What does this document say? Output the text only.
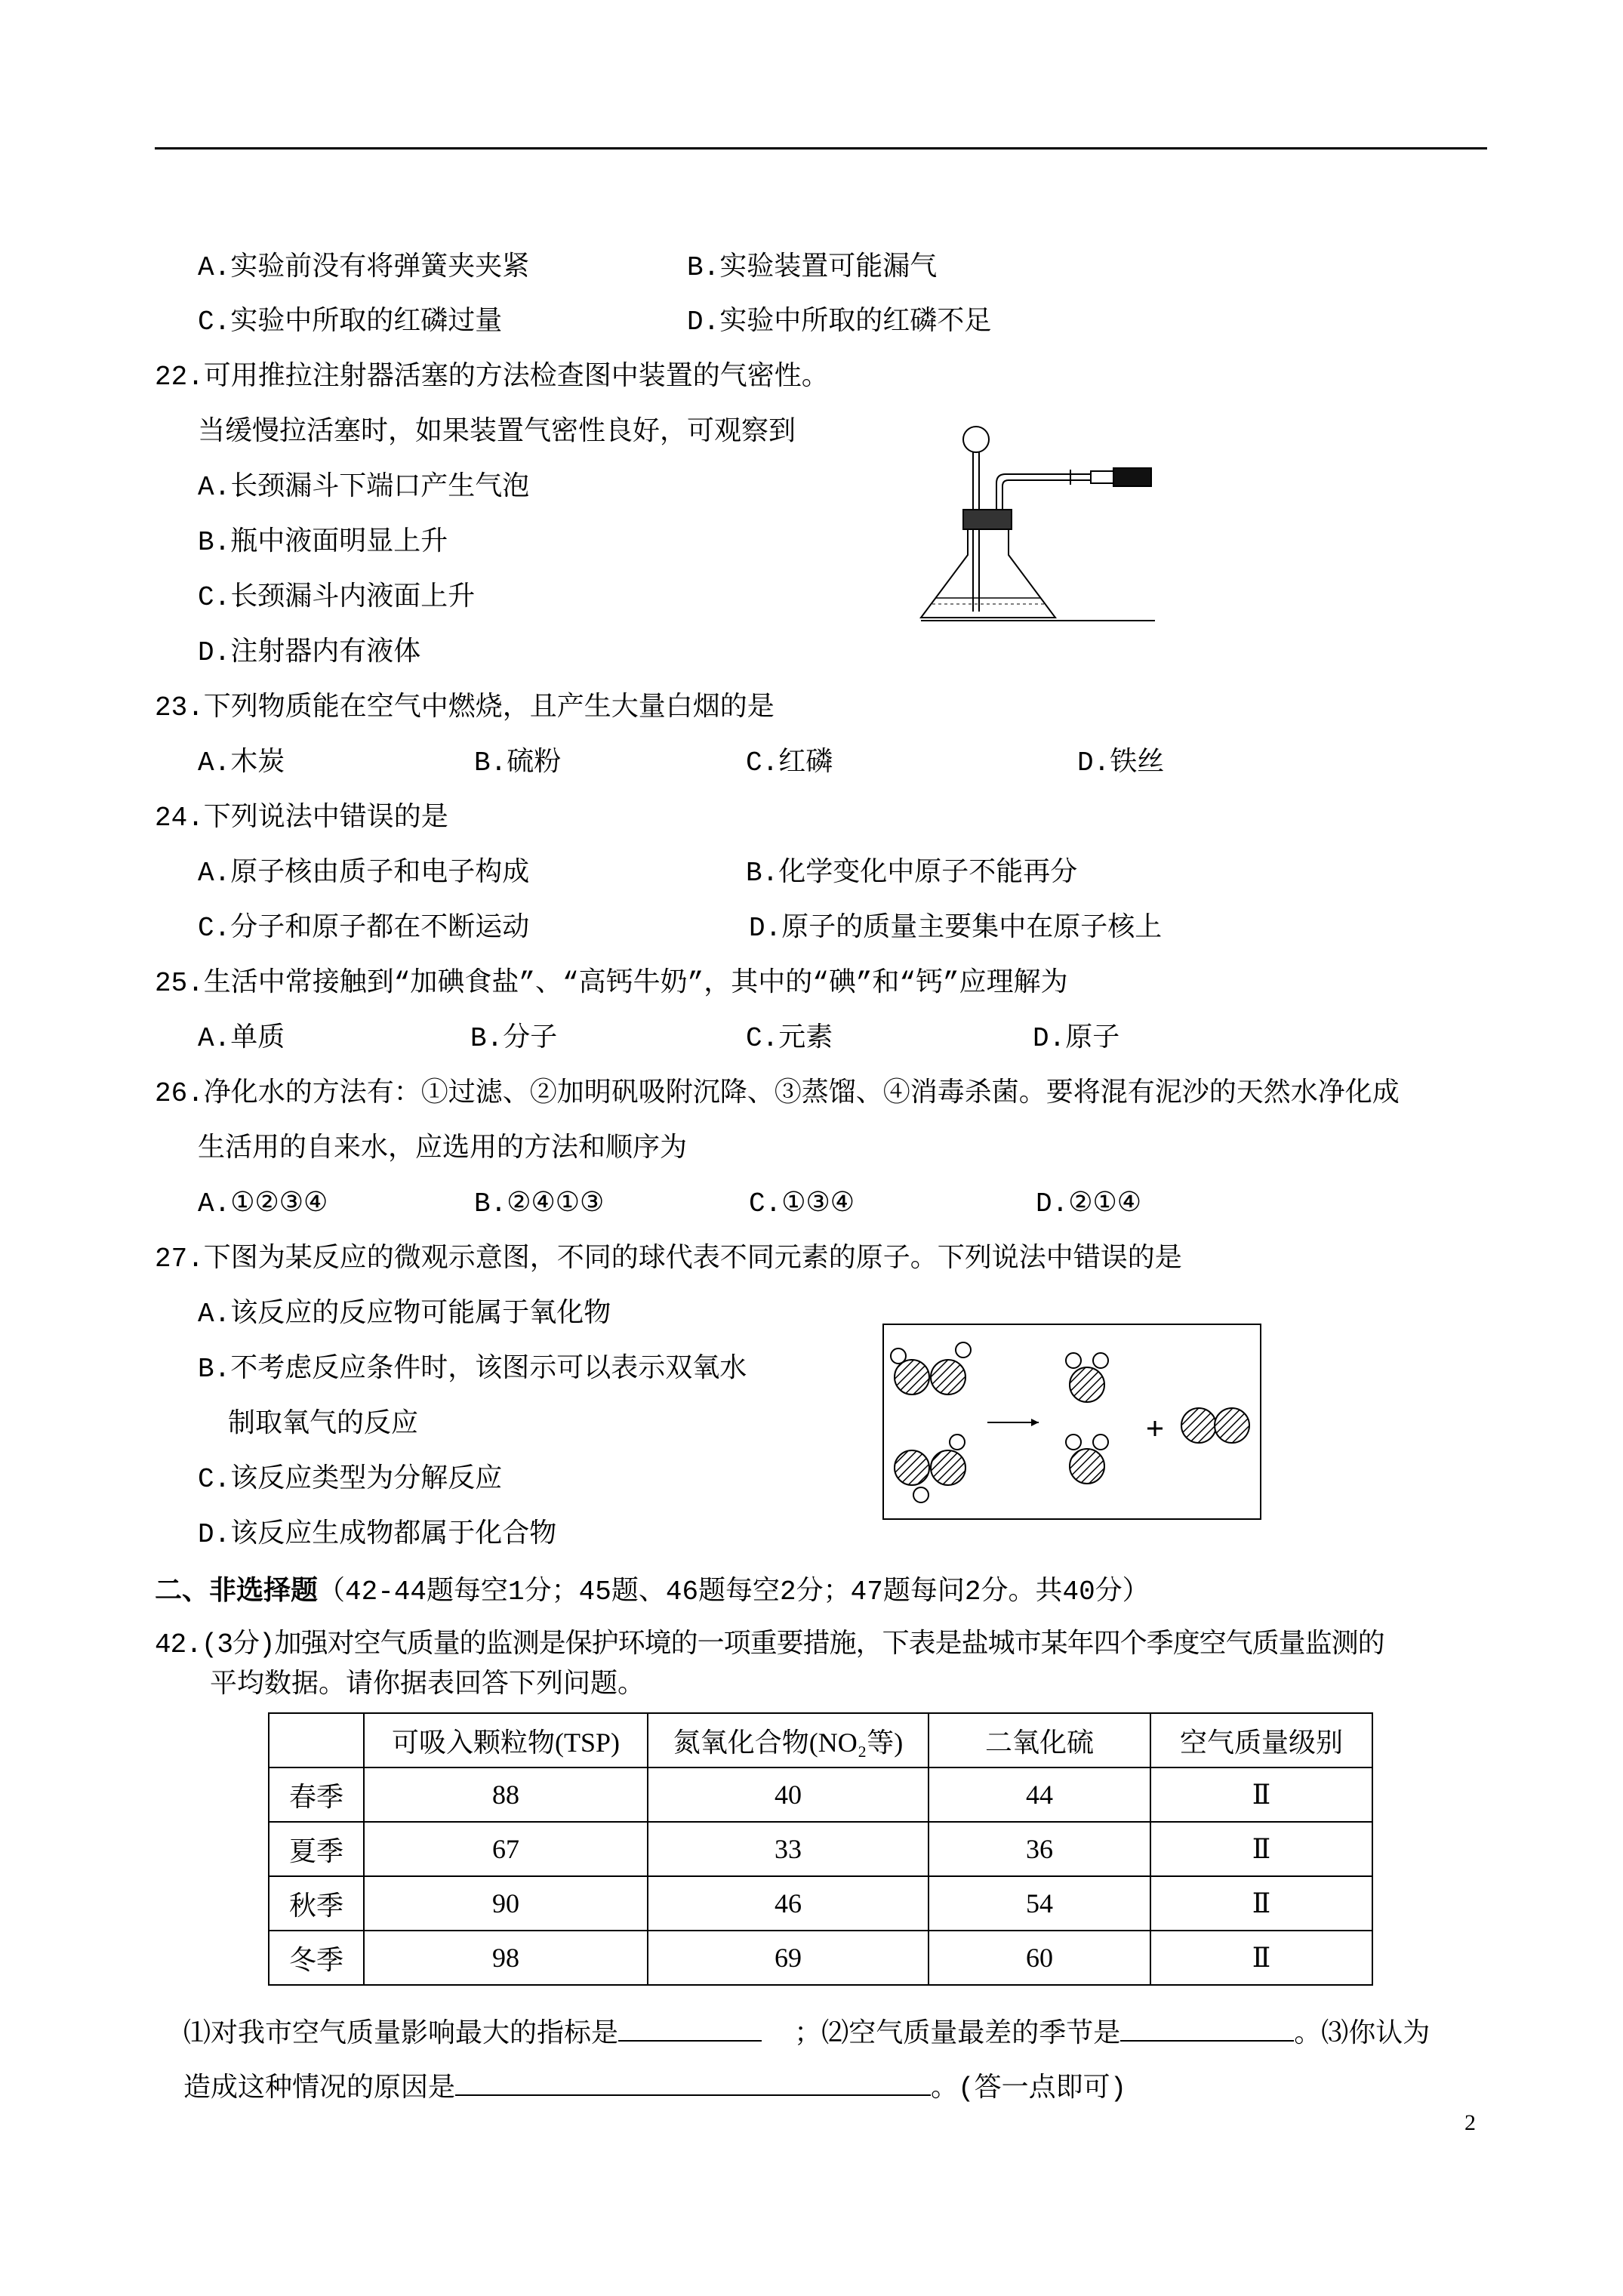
A.实验前没有将弹簧夹夹紧	B.实验装置可能漏气
C.实验中所取的红磷过量	D.实验中所取的红磷不足
22.可用推拉注射器活塞的方法检查图中装置的气密性。
当缓慢拉活塞时，如果装置气密性良好，可观察到
A.长颈漏斗下端口产生气泡
B.瓶中液面明显上升
C.长颈漏斗内液面上升
D.注射器内有液体
23.下列物质能在空气中燃烧，且产生大量白烟的是
A.木炭	B.硫粉	C.红磷	D.铁丝
24.下列说法中错误的是
A.原子核由质子和电子构成	B.化学变化中原子不能再分
C.分子和原子都在不断运动	D.原子的质量主要集中在原子核上
25.生活中常接触到“加碘食盐”、“高钙牛奶”，其中的“碘”和“钙”应理解为
A.单质	B.分子	C.元素	D.原子
26.净化水的方法有：①过滤、②加明矾吸附沉降、③蒸馏、④消毒杀菌。要将混有泥沙的天然水净化成
生活用的自来水，应选用的方法和顺序为
A.①②③④	B.②④①③	C.①③④	D.②①④
27.下图为某反应的微观示意图，不同的球代表不同元素的原子。下列说法中错误的是
A.该反应的反应物可能属于氧化物
B.不考虑反应条件时，该图示可以表示双氧水
制取氧气的反应
C.该反应类型为分解反应
D.该反应生成物都属于化合物
二、非选择题（42-44题每空1分；45题、46题每空2分；47题每问2分。共40分）
42.(3分)加强对空气质量的监测是保护环境的一项重要措施，下表是盐城市某年四个季度空气质量监测的
平均数据。请你据表回答下列问题。
	可吸入颗粒物(TSP)	氮氧化合物(NO₂等)	二氧化硫	空气质量级别
春季	88	40	44	Ⅱ
夏季	67	33	36	Ⅱ
秋季	90	46	54	Ⅱ
冬季	98	69	60	Ⅱ
⑴对我市空气质量影响最大的指标是	；⑵空气质量最差的季节是	。⑶你认为
造成这种情况的原因是	。(答一点即可)
2
